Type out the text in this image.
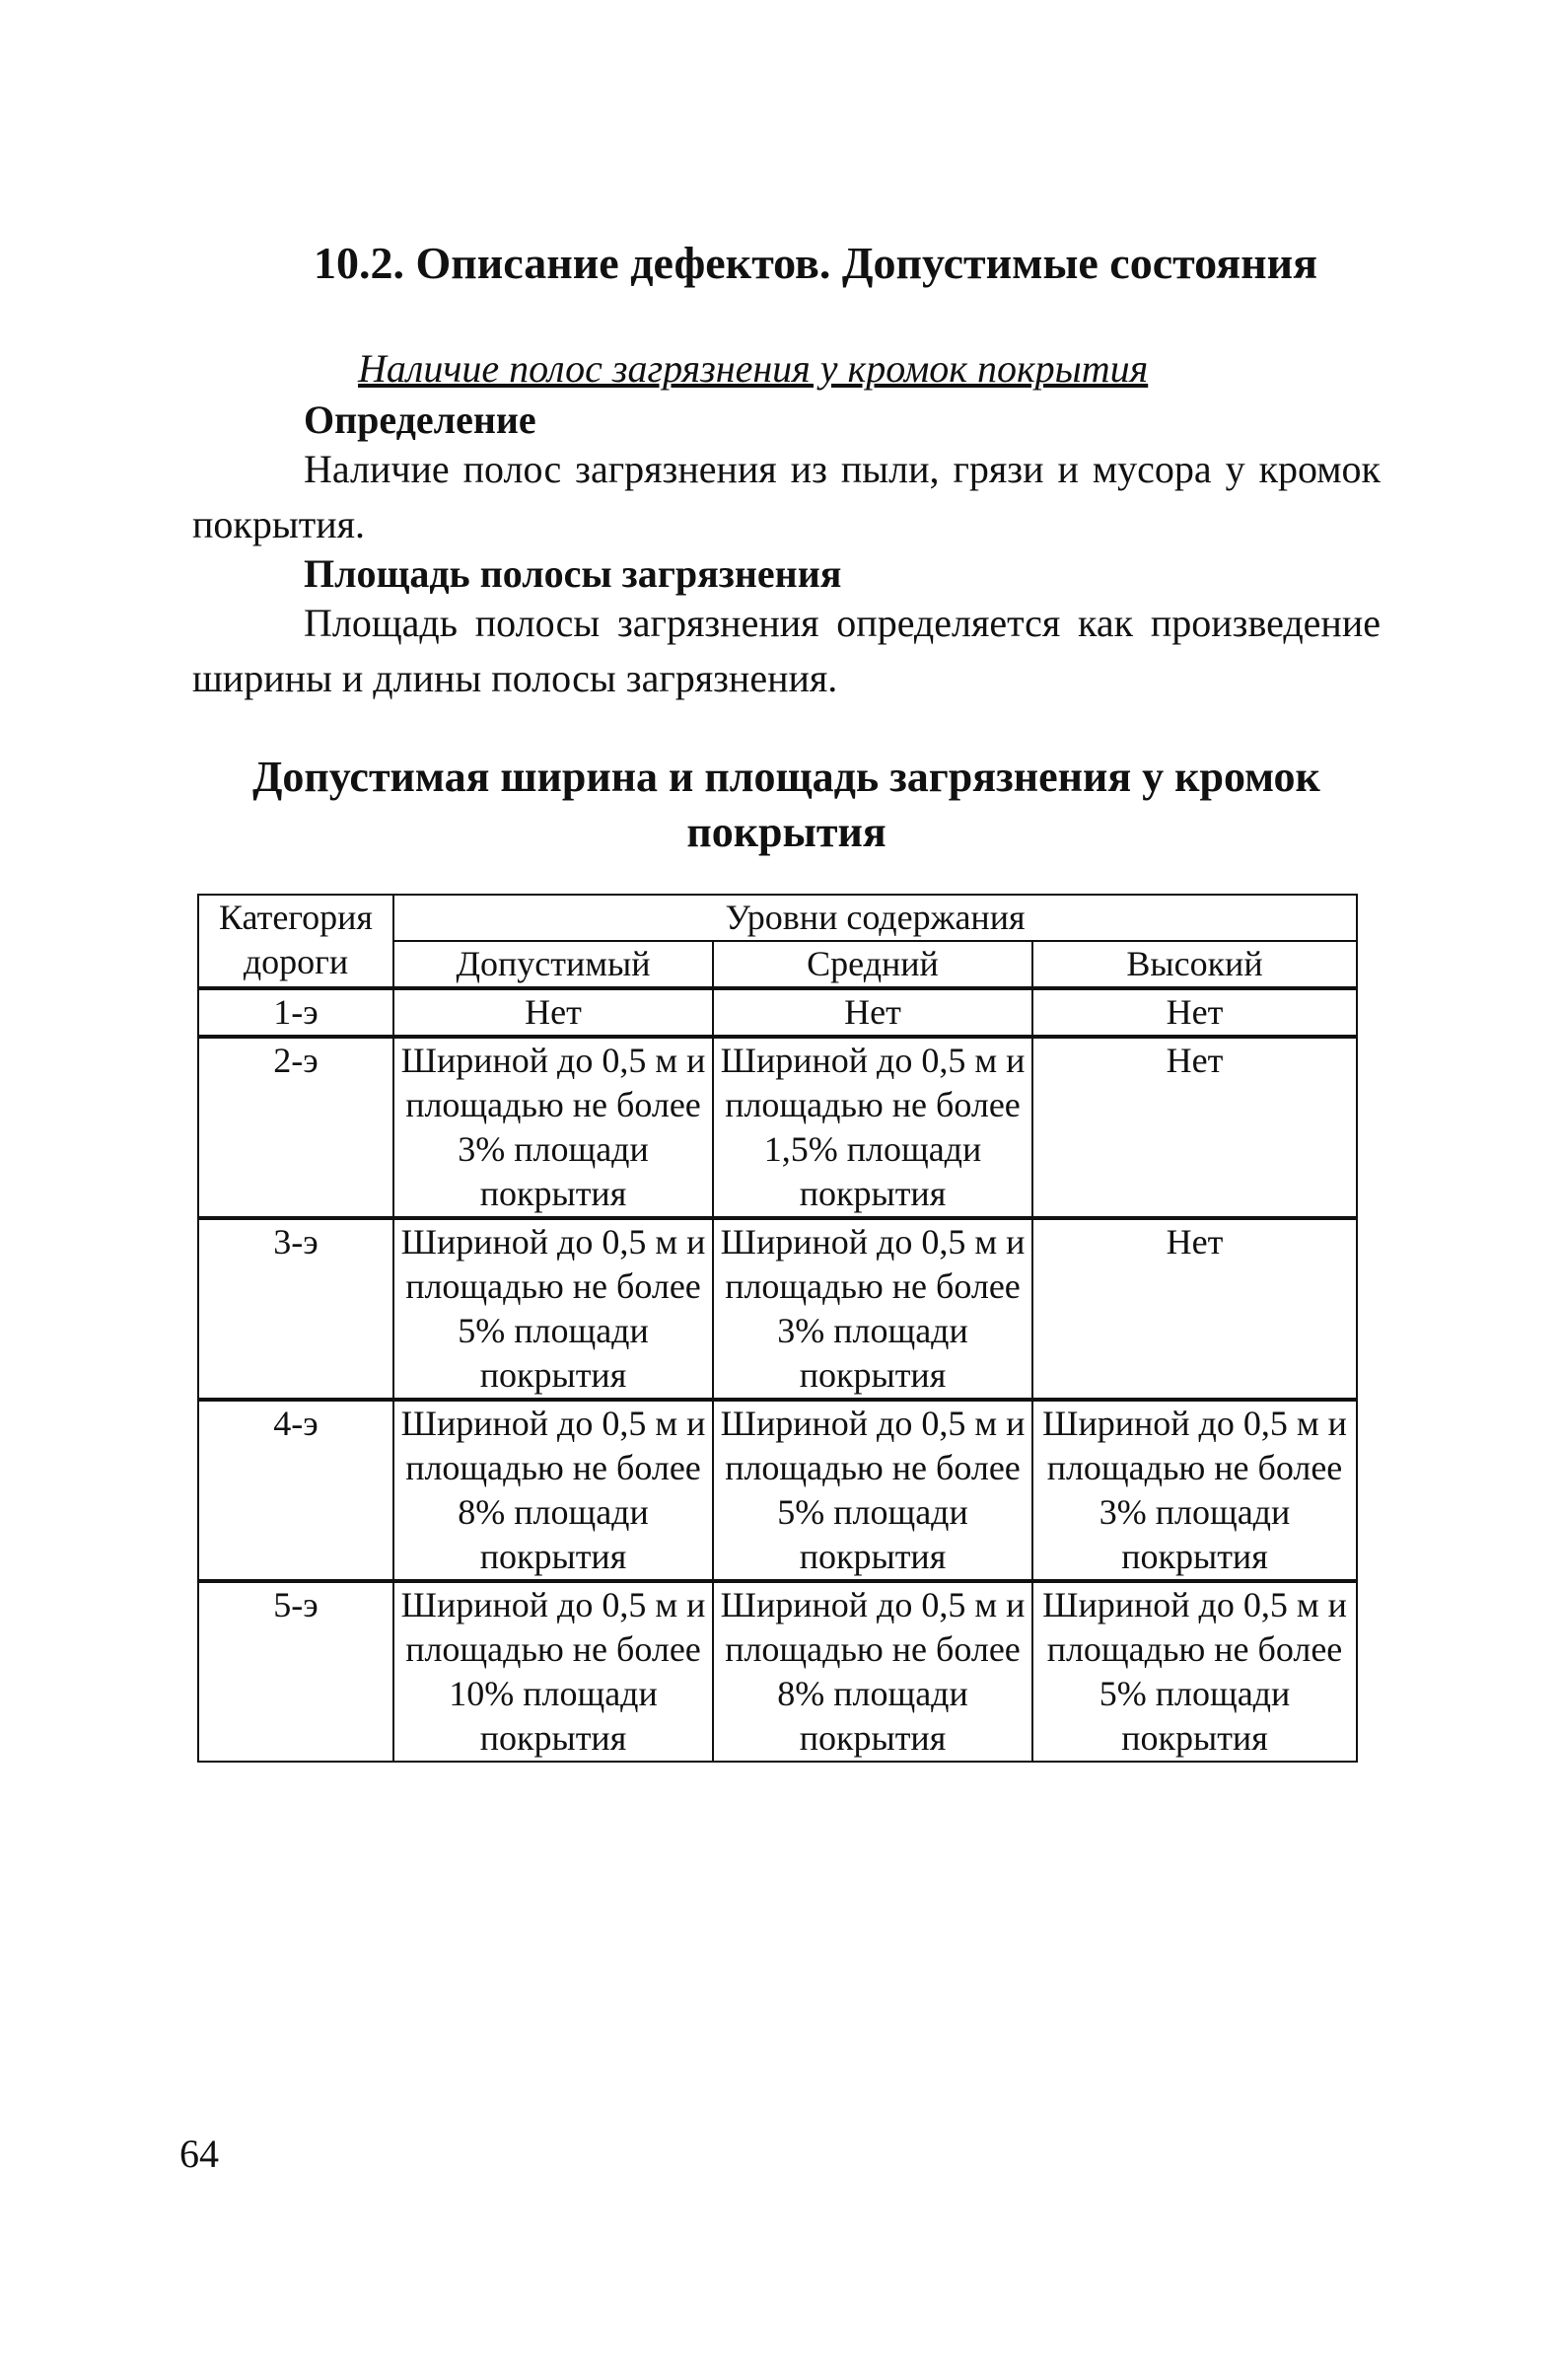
10.2. Описание дефектов. Допустимые состояния
Наличие полос загрязнения у кромок покрытия
Определение
Наличие полос загрязнения из пыли, грязи и мусора у кромок покрытия.
Площадь полосы загрязнения
Площадь полосы загрязнения определяется как произведение ширины и длины полосы загрязнения.
Допустимая ширина и площадь загрязнения у кромок
покрытия
Категория дороги	Уровни содержания		
	Допустимый	Средний	Высокий
1-э	Нет	Нет	Нет
2-э	Шириной до 0,5 м и площадью не более 3% площади покрытия	Шириной до 0,5 м и площадью не более 1,5% площади покрытия	Нет
3-э	Шириной до 0,5 м и площадью не более 5% площади покрытия	Шириной до 0,5 м и площадью не более 3% площади покрытия	Нет
4-э	Шириной до 0,5 м и площадью не более 8% площади покрытия	Шириной до 0,5 м и площадью не более 5% площади покрытия	Шириной до 0,5 м и площадью не более 3% площади покрытия
5-э	Шириной до 0,5 м и площадью не более 10% площади покрытия	Шириной до 0,5 м и площадью не более 8% площади покрытия	Шириной до 0,5 м и площадью не более 5% площади покрытия
64
